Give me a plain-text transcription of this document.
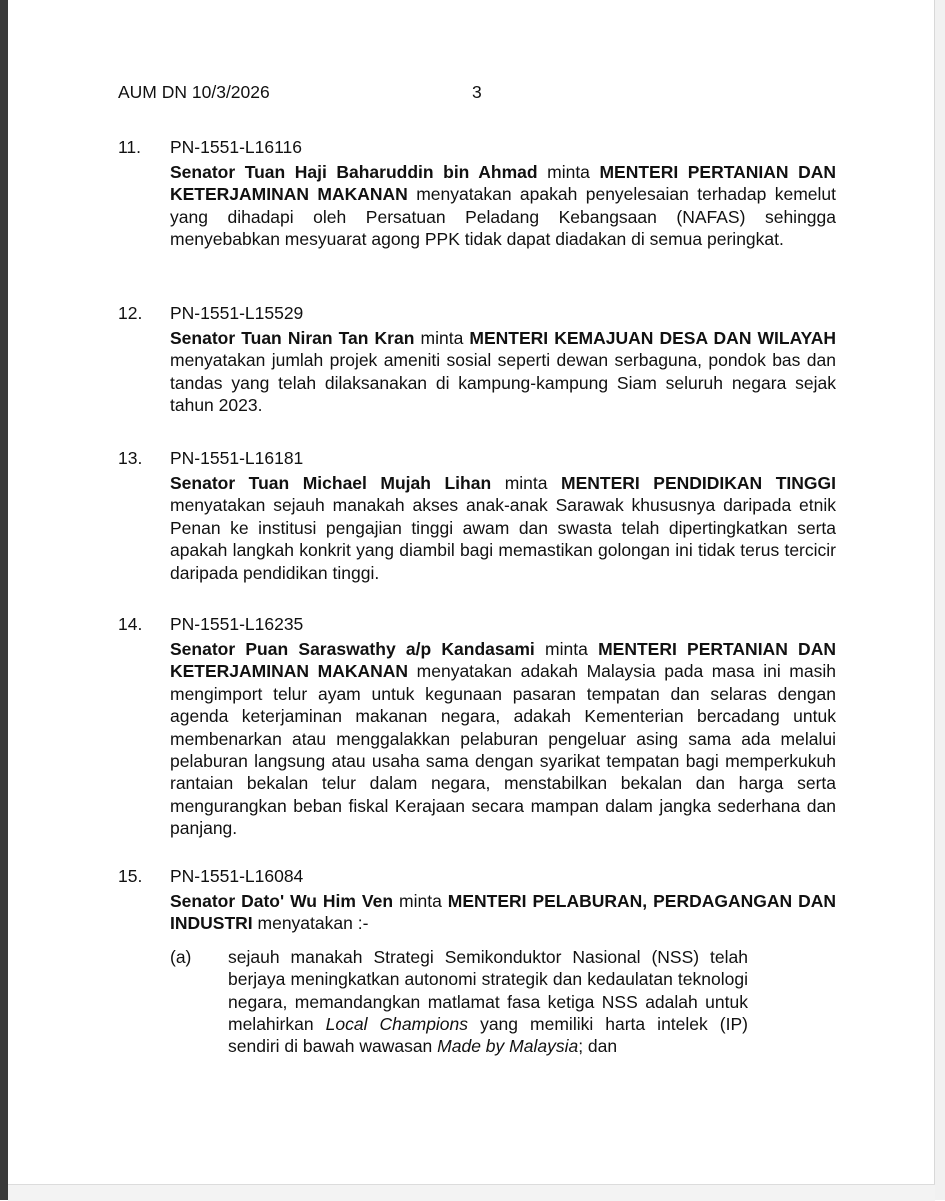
AUM DN 10/3/2026	3
11. PN-1551-L16116
Senator Tuan Haji Baharuddin bin Ahmad minta MENTERI PERTANIAN DAN KETERJAMINAN MAKANAN menyatakan apakah penyelesaian terhadap kemelut yang dihadapi oleh Persatuan Peladang Kebangsaan (NAFAS) sehingga menyebabkan mesyuarat agong PPK tidak dapat diadakan di semua peringkat.
12. PN-1551-L15529
Senator Tuan Niran Tan Kran minta MENTERI KEMAJUAN DESA DAN WILAYAH menyatakan jumlah projek ameniti sosial seperti dewan serbaguna, pondok bas dan tandas yang telah dilaksanakan di kampung-kampung Siam seluruh negara sejak tahun 2023.
13. PN-1551-L16181
Senator Tuan Michael Mujah Lihan minta MENTERI PENDIDIKAN TINGGI menyatakan sejauh manakah akses anak-anak Sarawak khususnya daripada etnik Penan ke institusi pengajian tinggi awam dan swasta telah dipertingkatkan serta apakah langkah konkrit yang diambil bagi memastikan golongan ini tidak terus tercicir daripada pendidikan tinggi.
14. PN-1551-L16235
Senator Puan Saraswathy a/p Kandasami minta MENTERI PERTANIAN DAN KETERJAMINAN MAKANAN menyatakan adakah Malaysia pada masa ini masih mengimport telur ayam untuk kegunaan pasaran tempatan dan selaras dengan agenda keterjaminan makanan negara, adakah Kementerian bercadang untuk membenarkan atau menggalakkan pelaburan pengeluar asing sama ada melalui pelaburan langsung atau usaha sama dengan syarikat tempatan bagi memperkukuh rantaian bekalan telur dalam negara, menstabilkan bekalan dan harga serta mengurangkan beban fiskal Kerajaan secara mampan dalam jangka sederhana dan panjang.
15. PN-1551-L16084
Senator Dato' Wu Him Ven minta MENTERI PELABURAN, PERDAGANGAN DAN INDUSTRI menyatakan :-
(a) sejauh manakah Strategi Semikonduktor Nasional (NSS) telah berjaya meningkatkan autonomi strategik dan kedaulatan teknologi negara, memandangkan matlamat fasa ketiga NSS adalah untuk melahirkan Local Champions yang memiliki harta intelek (IP) sendiri di bawah wawasan Made by Malaysia; dan
